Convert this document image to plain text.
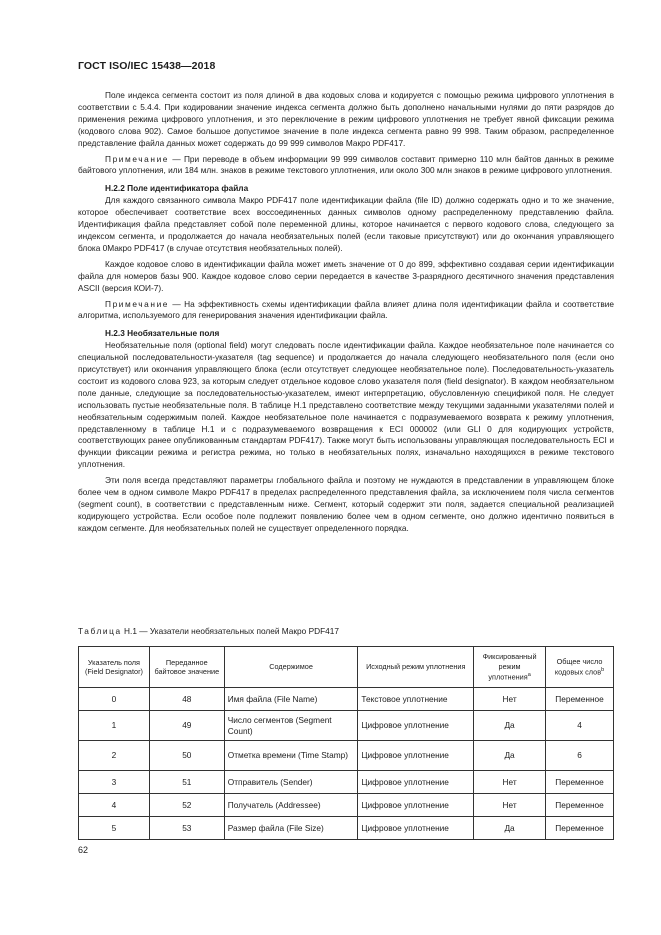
ГОСТ ISO/IEC 15438—2018

Поле индекса сегмента состоит из поля длиной в два кодовых слова и кодируется с помощью режима цифрового уплотнения в соответствии с 5.4.4. При кодировании значение индекса сегмента должно быть дополнено начальными нулями до пяти разрядов до применения режима цифрового уплотнения, и это переключение в режим цифрового уплотнения не требует явной фиксации режима (кодового слова 902). Самое большое допустимое значение в поле индекса сегмента равно 99 998. Таким образом, распределенное представление файла данных может содержать до 99 999 символов Макро PDF417.

Примечание — При переводе в объем информации 99 999 символов составит примерно 110 млн байтов данных в режиме байтового уплотнения, или 184 млн. знаков в режиме текстового уплотнения, или около 300 млн знаков в режиме цифрового уплотнения.

Н.2.2 Поле идентификатора файла

Для каждого связанного символа Макро PDF417 поле идентификации файла (file ID) должно содержать одно и то же значение, которое обеспечивает соответствие всех воссоединенных данных символов одному распределенному представлению файла. Идентификация файла представляет собой поле переменной длины, которое начинается с первого кодового слова, следующего за индексом сегмента, и продолжается до начала необязательных полей (если таковые присутствуют) или до окончания управляющего блока 0Макро PDF417 (в случае отсутствия необязательных полей).

Каждое кодовое слово в идентификации файла может иметь значение от 0 до 899, эффективно создавая серии идентификации файла для номеров базы 900. Каждое кодовое слово серии передается в качестве 3-разрядного десятичного значения представления ASCII (версия КОИ-7).

Примечание — На эффективность схемы идентификации файла влияет длина поля идентификации файла и соответствие алгоритма, используемого для генерирования значения идентификации файла.

Н.2.3 Необязательные поля

Необязательные поля (optional field) могут следовать после идентификации файла. Каждое необязательное поле начинается со специальной последовательности-указателя (tag sequence) и продолжается до начала следующего необязательного поля (если оно присутствует) или окончания управляющего блока (если отсутствует следующее необязательное поле). Последовательность-указатель состоит из кодового слова 923, за которым следует отдельное кодовое слово указателя поля (field designator). В каждом необязательном поле данные, следующие за последовательностью-указателем, имеют интерпретацию, обусловленную спецификой поля. Не следует использовать пустые необязательные поля. В таблице Н.1 представлено соответствие между текущими заданными указателями полей и необязательным содержимым полей. Каждое необязательное поле начинается с подразумеваемого возврата к режиму уплотнения, представленному в таблице Н.1 и с подразумеваемого возвращения к ECI 000002 (или GLI 0 для кодирующих устройств, соответствующих ранее опубликованным стандартам PDF417). Также могут быть использованы управляющая последовательность ECI и функции фиксации режима и регистра режима, но только в необязательных полях, изначально находящихся в режиме текстового уплотнения.

Эти поля всегда представляют параметры глобального файла и поэтому не нуждаются в представлении в управляющем блоке более чем в одном символе Макро PDF417 в пределах распределенного представления файла, за исключением поля числа сегментов (segment count), в соответствии с представленным ниже. Сегмент, который содержит эти поля, задается специальной реализацией кодирующего устройства. Если особое поле подлежит появлению более чем в одном сегменте, оно должно идентично появиться в каждом сегменте. Для необязательных полей не существует определенного порядка.

Таблица Н.1 — Указатели необязательных полей Макро PDF417
Указатель поля (Field Designator)	Переданное байтовое значение	Содержимое	Исходный режим уплотнения	Фиксированный режим уплотнения$^a$	Общее число кодовых слов$^b$
0	48	Имя файла (File Name)	Текстовое уплотнение	Нет	Переменное
1	49	Число сегментов (Segment Count)	Цифровое уплотнение	Да	4
2	50	Отметка времени (Time Stamp)	Цифровое уплотнение	Да	6
3	51	Отправитель (Sender)	Цифровое уплотнение	Нет	Переменное
4	52	Получатель (Addressee)	Цифровое уплотнение	Нет	Переменное
5	53	Размер файла (File Size)	Цифровое уплотнение	Да	Переменное
62
